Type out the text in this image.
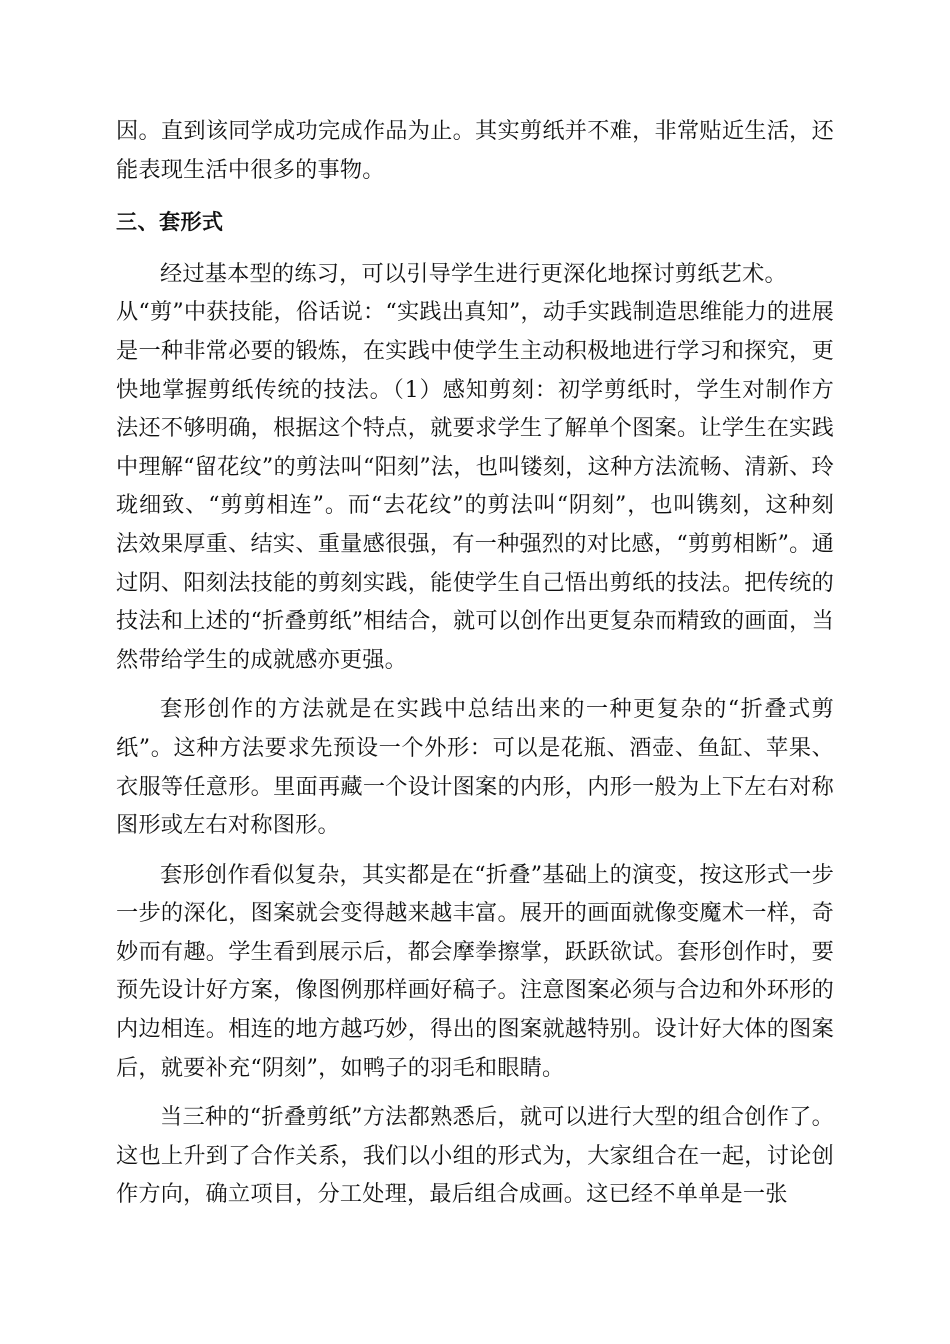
因。直到该同学成功完成作品为止。其实剪纸并不难，非常贴近生活，还能表现生活中很多的事物。

三、套形式

经过基本型的练习，可以引导学生进行更深化地探讨剪纸艺术。

从“剪”中获技能，俗话说：“实践出真知”，动手实践制造思维能力的进展是一种非常必要的锻炼，在实践中使学生主动积极地进行学习和探究，更快地掌握剪纸传统的技法。（1）感知剪刻：初学剪纸时，学生对制作方法还不够明确，根据这个特点，就要求学生了解单个图案。让学生在实践中理解“留花纹”的剪法叫“阳刻”法，也叫镂刻，这种方法流畅、清新、玲珑细致、“剪剪相连”。而“去花纹”的剪法叫“阴刻”，也叫镌刻，这种刻法效果厚重、结实、重量感很强，有一种强烈的对比感，“剪剪相断”。通过阴、阳刻法技能的剪刻实践，能使学生自己悟出剪纸的技法。把传统的技法和上述的“折叠剪纸”相结合，就可以创作出更复杂而精致的画面，当然带给学生的成就感亦更强。

套形创作的方法就是在实践中总结出来的一种更复杂的“折叠式剪纸”。这种方法要求先预设一个外形：可以是花瓶、酒壶、鱼缸、苹果、衣服等任意形。里面再藏一个设计图案的内形，内形一般为上下左右对称图形或左右对称图形。

套形创作看似复杂，其实都是在“折叠”基础上的演变，按这形式一步一步的深化，图案就会变得越来越丰富。展开的画面就像变魔术一样，奇妙而有趣。学生看到展示后，都会摩拳擦掌，跃跃欲试。套形创作时，要预先设计好方案，像图例那样画好稿子。注意图案必须与合边和外环形的内边相连。相连的地方越巧妙，得出的图案就越特别。设计好大体的图案后，就要补充“阴刻”，如鸭子的羽毛和眼睛。

当三种的“折叠剪纸”方法都熟悉后，就可以进行大型的组合创作了。这也上升到了合作关系，我们以小组的形式为，大家组合在一起，讨论创作方向，确立项目，分工处理，最后组合成画。这已经不单单是一张
